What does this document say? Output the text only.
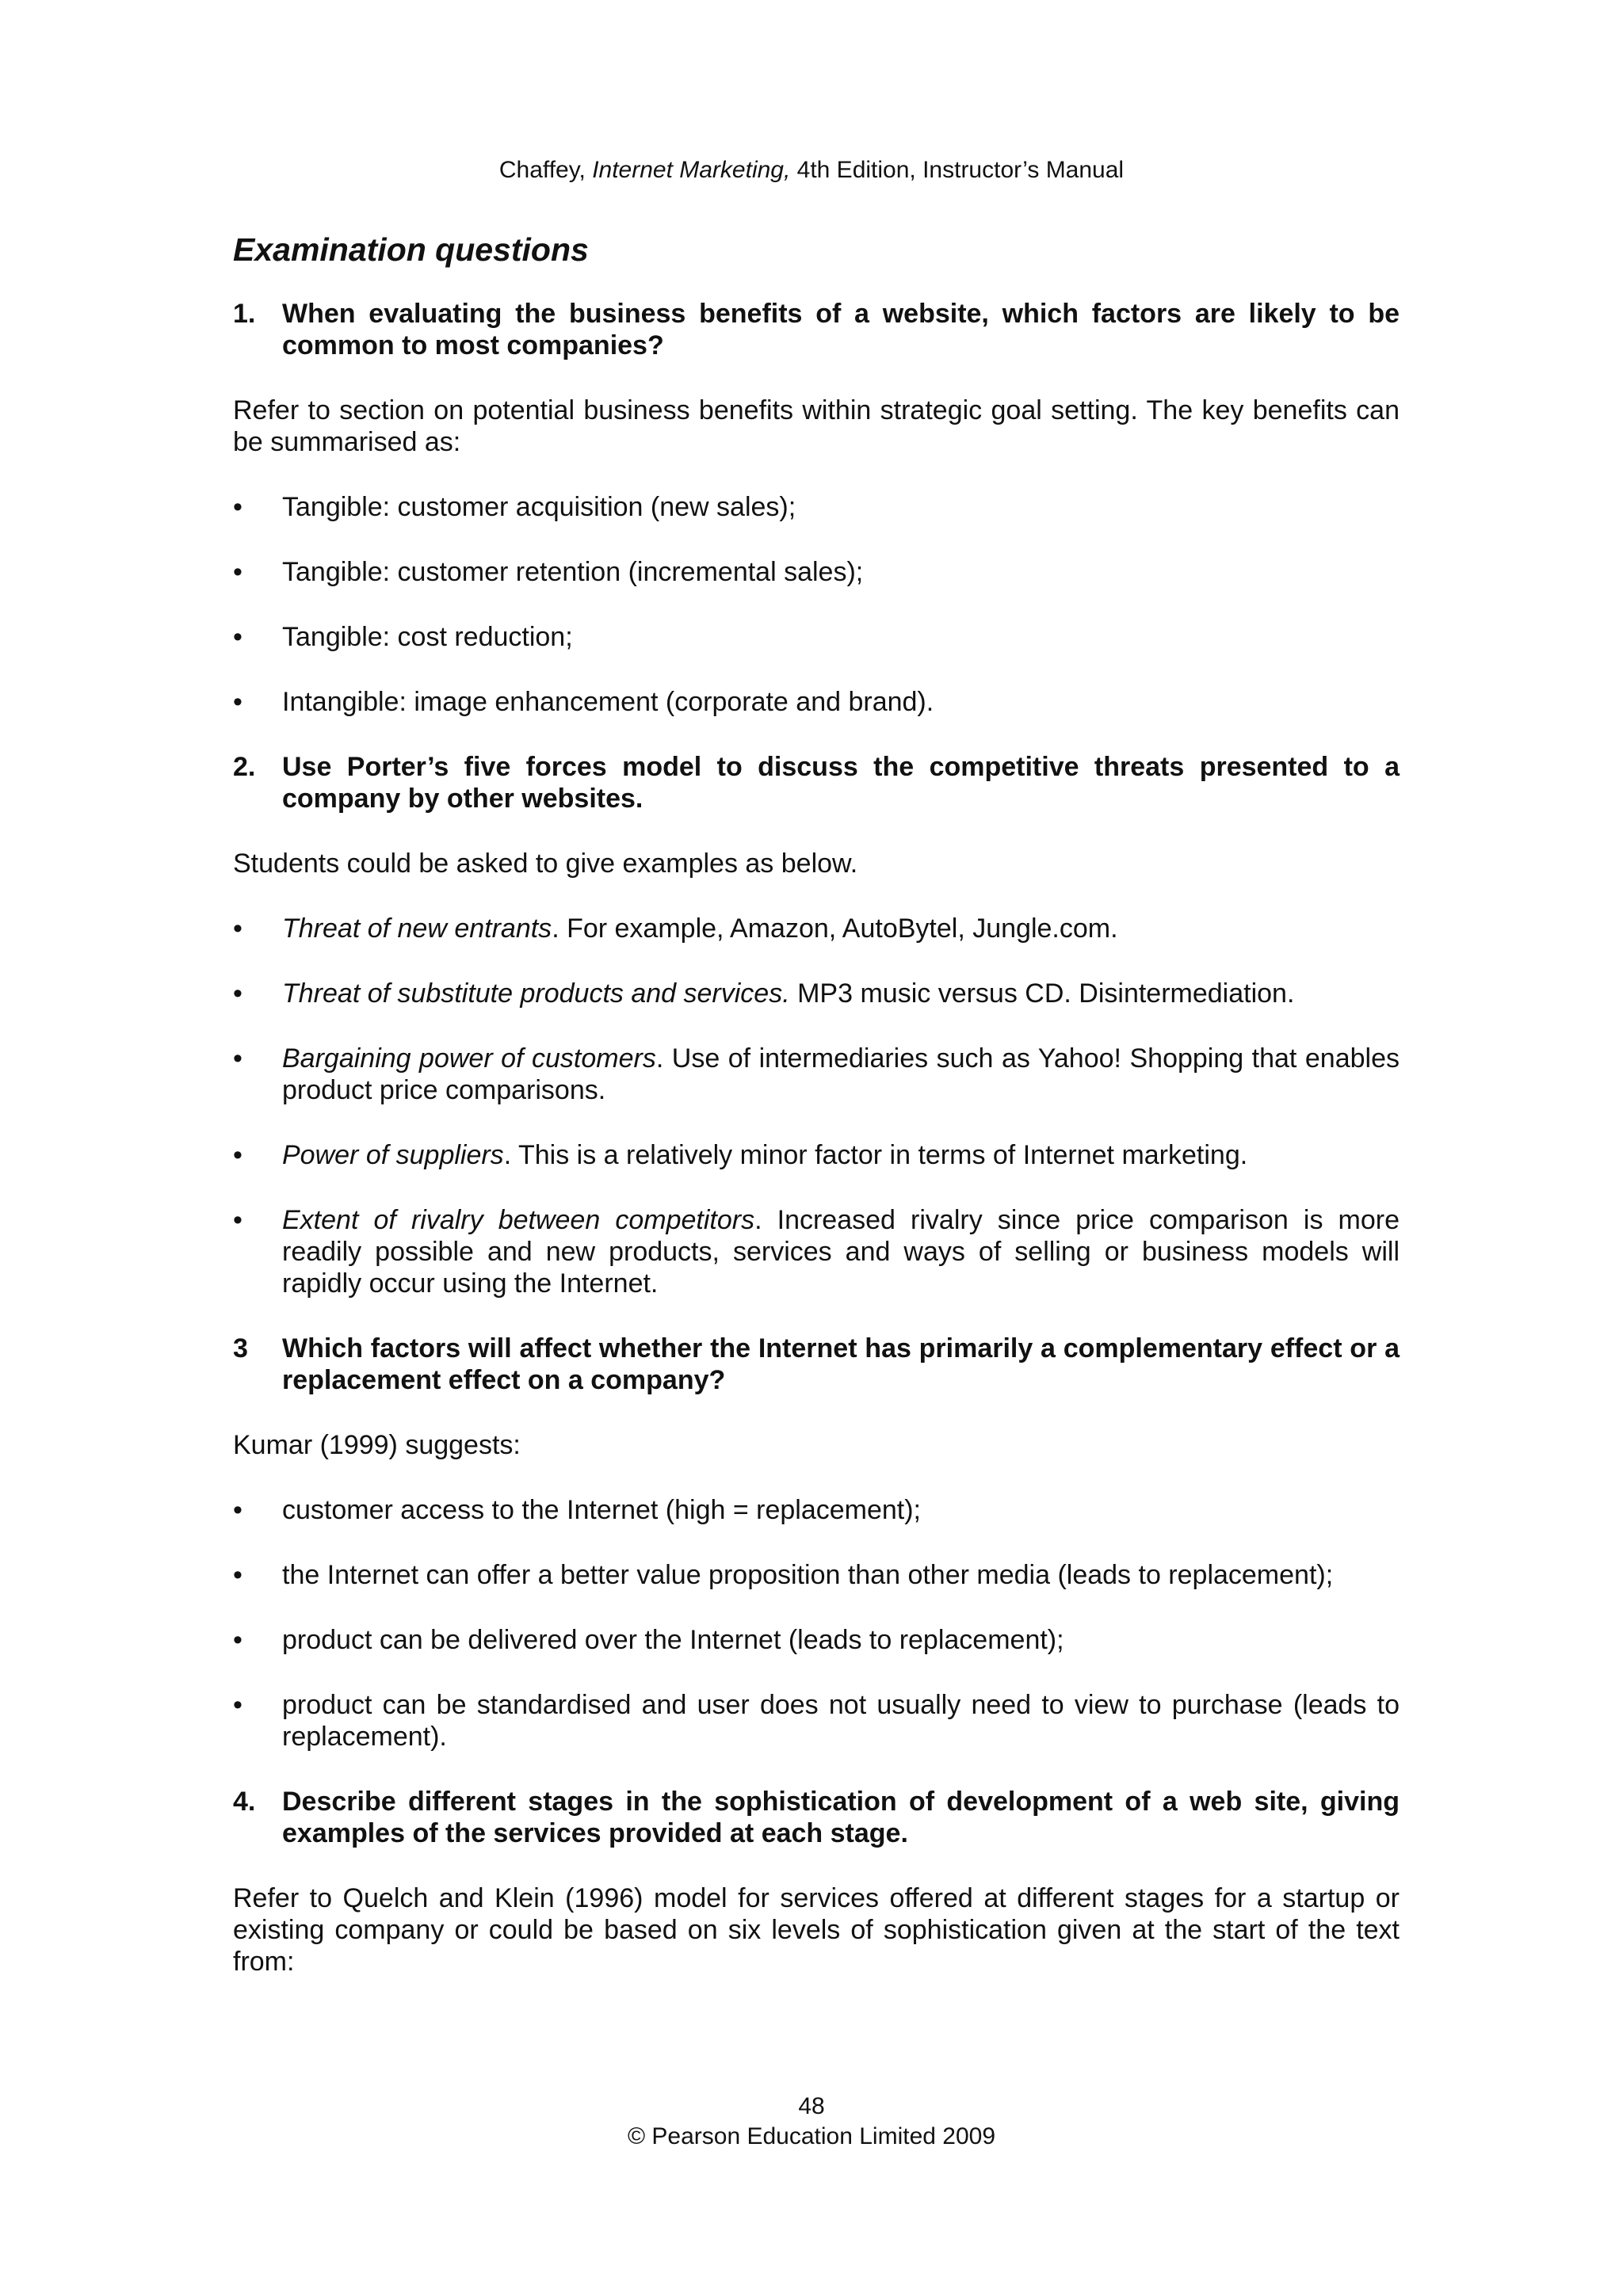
Chaffey, Internet Marketing, 4th Edition, Instructor’s Manual
Examination questions
1. When evaluating the business benefits of a website, which factors are likely to be common to most companies?

Refer to section on potential business benefits within strategic goal setting. The key benefits can be summarised as:

•	Tangible: customer acquisition (new sales);
•	Tangible: customer retention (incremental sales);
•	Tangible: cost reduction;
•	Intangible: image enhancement (corporate and brand).
2. Use Porter’s five forces model to discuss the competitive threats presented to a company by other websites.

Students could be asked to give examples as below.

•	Threat of new entrants. For example, Amazon, AutoBytel, Jungle.com.
•	Threat of substitute products and services. MP3 music versus CD. Disintermediation.
•	Bargaining power of customers. Use of intermediaries such as Yahoo! Shopping that enables product price comparisons.
•	Power of suppliers. This is a relatively minor factor in terms of Internet marketing.
•	Extent of rivalry between competitors. Increased rivalry since price comparison is more readily possible and new products, services and ways of selling or business models will rapidly occur using the Internet.
3	Which factors will affect whether the Internet has primarily a complementary effect or a replacement effect on a company?

Kumar (1999) suggests:

•	customer access to the Internet (high = replacement);
•	the Internet can offer a better value proposition than other media (leads to replacement);
•	product can be delivered over the Internet (leads to replacement);
•	product can be standardised and user does not usually need to view to purchase (leads to replacement).
4. Describe different stages in the sophistication of development of a web site, giving examples of the services provided at each stage.

Refer to Quelch and Klein (1996) model for services offered at different stages for a startup or existing company or could be based on six levels of sophistication given at the start of the text from:

48
© Pearson Education Limited 2009
